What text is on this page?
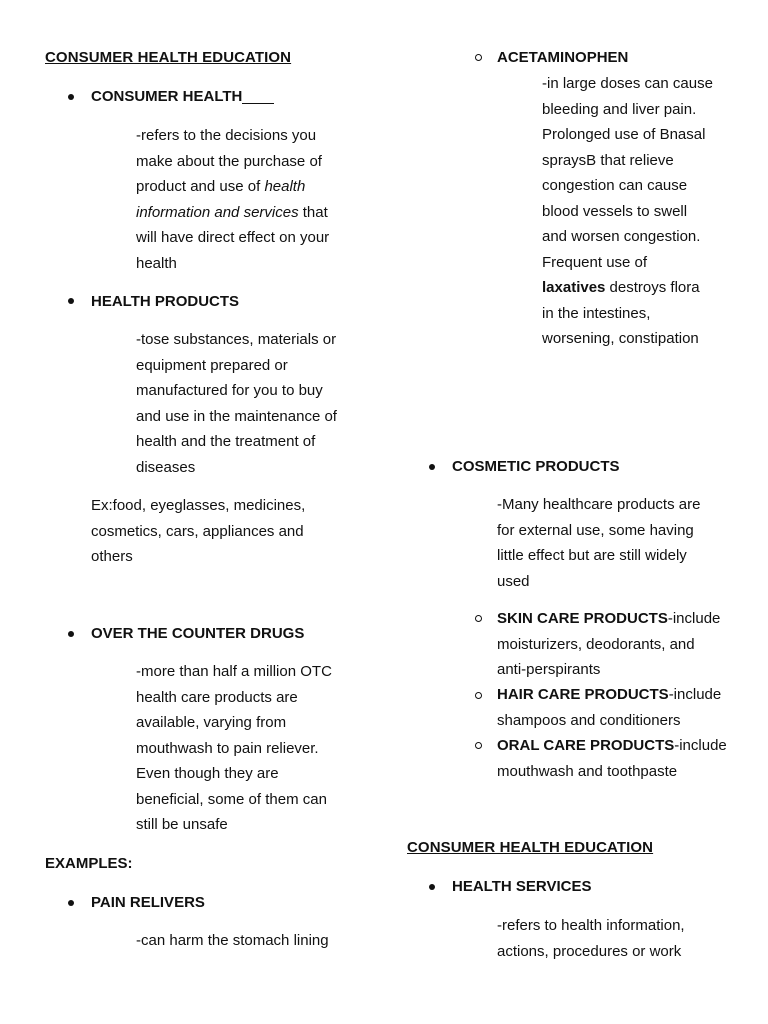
CONSUMER HEALTH EDUCATION
CONSUMER HEALTH
-refers to the decisions you
make about the purchase of
product and use of health
information and services that
will have direct effect on your
health
HEALTH PRODUCTS
-tose substances, materials or
equipment prepared or
manufactured for you to buy
and use in the maintenance of
health and the treatment of
diseases
Ex:food, eyeglasses, medicines,
cosmetics, cars, appliances and
others
OVER THE COUNTER DRUGS
-more than half a million OTC
health care products are
available, varying from
mouthwash to pain reliever.
Even though they are
beneficial, some of them can
still be unsafe
EXAMPLES:
PAIN RELIVERS
-can harm the stomach lining
ACETAMINOPHEN
-in large doses can cause
bleeding and liver pain.
Prolonged use of Bnasal
spraysB that relieve
congestion can cause
blood vessels to swell
and worsen congestion.
Frequent use of
laxatives destroys flora
in the intestines,
worsening, constipation
COSMETIC PRODUCTS
-Many healthcare products are
for external use, some having
little effect but are still widely
used
SKIN CARE PRODUCTS-include
moisturizers, deodorants, and
anti-perspirants
HAIR CARE PRODUCTS-include
shampoos and conditioners
ORAL CARE PRODUCTS-include
mouthwash and toothpaste
CONSUMER HEALTH EDUCATION
HEALTH SERVICES
-refers to health information,
actions, procedures or work
